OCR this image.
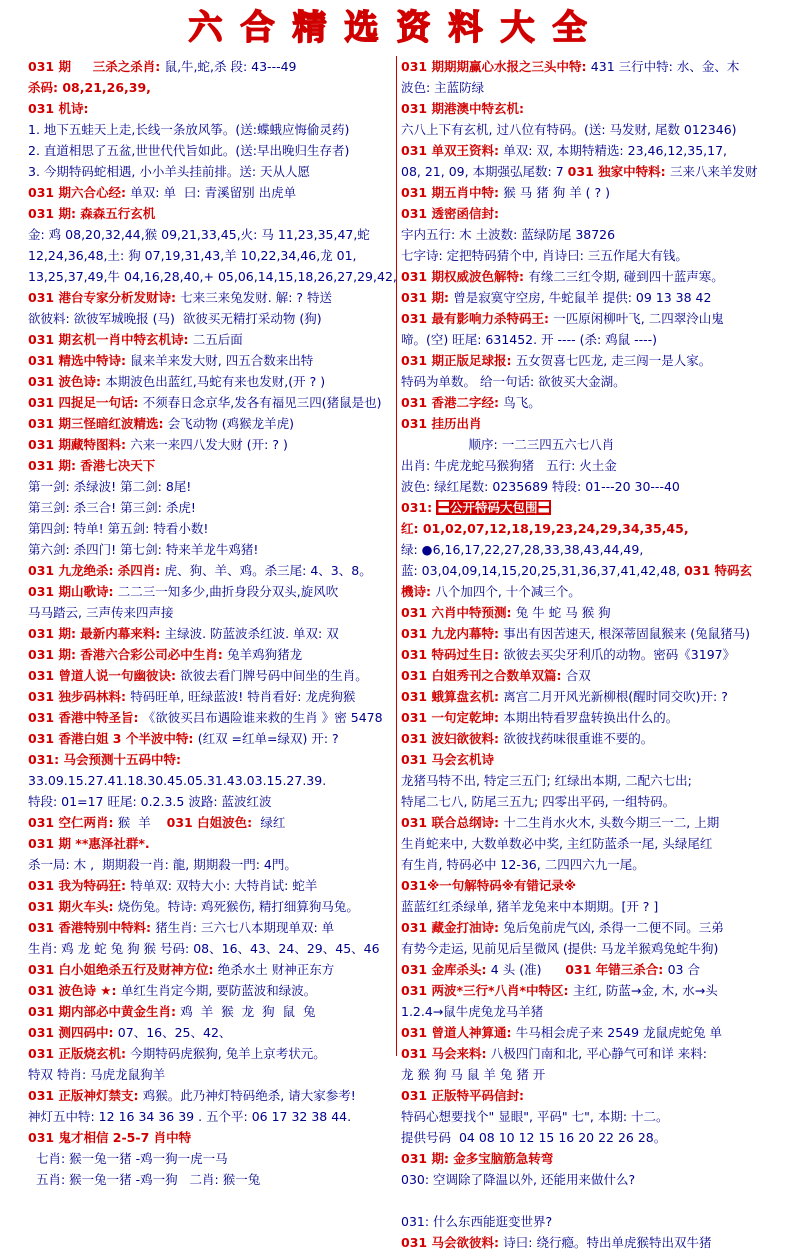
六合精选资料大全
031 期     三杀之杀肖: 鼠,牛,蛇,杀 段: 43---49
杀码: 08,21,26,39,
031 机诗:
1. 地下五蛙天上走,长线一条放风筝。(送:蝶蛾应悔偷灵药)
2. 直道相思了五盆,世世代代旨如此。(送:早出晚归生存者)
3. 今期特码蛇相遇, 小小羊头挂前排。送: 天从人愿
031 期六合心经: 单双: 单  曰: 青溪留别 出虎单
031 期: 森森五行玄机
金: 鸡 08,20,32,44,猴 09,21,33,45,火: 马 11,23,35,47,蛇
12,24,36,48,土: 狗 07,19,31,43,羊 10,22,34,46,龙 01,
13,25,37,49,牛 04,16,28,40,+ 05,06,14,15,18,26,27,29,42,
031 港台专家分析发财诗: 七来三来兔发财. 解: ? 特送
欲彼料: 欲彼军城晚报 (马)  欲彼买无精打采动物 (狗)
031 期玄机一肖中特玄机诗: 二五后面
031 精选中特诗: 鼠来羊来发大财, 四五合数来出特
031 波色诗: 本期波色出蓝红,马蛇有来也发财,(开 ? )
031 四捉足一句话: 不须春日念京华,发各有福见三四(猪鼠是也)
031 期三怪暗红波精选: 会飞动物 (鸡猴龙羊虎)
031 期藏特图料: 六来一来四八发大财 (开: ? )
031 期: 香港七决天下
第一剑: 杀绿波! 第二剑: 8尾!
第三剑: 杀三合! 第三剑: 杀虎!
第四剑: 特单! 第五剑: 特看小数!
第六剑: 杀四门! 第七剑: 特来羊龙牛鸡猪!
031 九龙绝杀: 杀四肖: 虎、狗、羊、鸡。杀三尾: 4、3、8。
031 期山歌诗: 二二三一知多少,曲折身段分双头,旋风吹
马马踏云, 三声传来四声接
031 期: 最新内幕来料: 主绿波. 防蓝波杀红波. 单双: 双
031 期: 香港六合彩公司必中生肖: 兔羊鸡狗猪龙
031 曾道人说一句幽彼诀: 欲彼去看门牌号码中间坐的生肖。
031 独步码林料: 特码旺单, 旺绿蓝波! 特肖看好: 龙虎狗猴
031 香港中特圣旨: 《欲彼买吕布遇险谁来救的生肖 》密 5478
031 香港白姐 3 个半波中特: (红双 =红单=绿双) 开: ?
031: 马会预测十五码中特:
33.09.15.27.41.18.30.45.05.31.43.03.15.27.39.
特段: 01=17 旺尾: 0.2.3.5 波路: 蓝波红波
031 空仁两肖: 猴  羊    031 白姐波色:  绿红
031 期 **惠泽社群*.
杀一局: 木 ,  期期殺一肖: 龍, 期期殺一門: 4門。
031 我为特码狂: 特单双: 双特大小: 大特肖试: 蛇羊
031 期火车头: 烧伤兔。特诗: 鸡死猴伤, 精打细算狗马兔。
031 香港特别中特料: 猪生肖: 三六七八本期现单双: 单
生肖: 鸡 龙 蛇 兔 狗 猴 号码: 08、16、43、24、29、45、46
031 白小姐绝杀五行及财神方位: 绝杀水土 财神正东方
031 波色诗 ★: 单红生肖定今期, 要防蓝波和绿波。
031 期内部必中黄金生肖: 鸡  羊  猴  龙  狗  鼠  兔
031 测四码中: 07、16、25、42、
031 正版烧玄机: 今期特码虎猴狗, 兔羊上京考状元。
特双 特肖: 马虎龙鼠狗羊
031 正版神灯禁支: 鸡猴。此乃神灯特码绝杀, 请大家参考!
神灯五中特: 12 16 34 36 39 . 五个平: 06 17 32 38 44.
031 鬼才相信 2-5-7 肖中特
七肖: 猴一兔一猪 -鸡一狗一虎一马
五肖: 猴一兔一猪 -鸡一狗   二肖: 猴一兔
031 期期期赢心水报之三头中特: 431 三行中特: 水、金、木
波色: 主蓝防绿
031 期港澳中特玄机:
六八上下有玄机, 过八位有特码。(送: 马发财, 尾数 012346)
031 单双王资料: 单双: 双, 本期特精选: 23,46,12,35,17,
08, 21, 09, 本期强弘尾数: 7 031 独家中特料: 三来八来羊发财
031 期五肖中特: 猴 马 猪 狗 羊 ( ? )
031 透密函信封:
宇内五行: 木 土波数: 蓝绿防尾 38726
七字诗: 定把特码猜个中, 肖诗曰: 三五作尾大有钱。
031 期权威波色解特: 有缘二三红令期, 碰到四十蓝声寒。
031 期: 曾是寂寞守空房, 牛蛇鼠羊 提供: 09 13 38 42
031 最有影响力杀特码王: 一匹原闲柳叶飞, 二四翠泠山鬼
啼。(空) 旺尾: 631452. 开 ---- (杀: 鸡鼠 ----)
031 期正版足球报: 五女贺喜七匹龙, 走三闯一是人家。
特码为单数。 给一句话: 欲彼买大金湖。
031 香港二字经: 鸟飞。
031 挂历出肖
顺序: 一二三四五六七八肖
出肖: 牛虎龙蛇马猴狗猪   五行: 火土金
波色: 绿红尾数: 0235689 特段: 01---20 30---40
031: 〓公开特码大包围〓
红: 01,02,07,12,18,19,23,24,29,34,35,45,
绿: ●6,16,17,22,27,28,33,38,43,44,49,
蓝: 03,04,09,14,15,20,25,31,36,37,41,42,48, 031 特码玄
機诗: 八个加四个, 十个减三个。
031 六肖中特预测: 兔 牛 蛇 马 猴 狗
031 九龙内幕特: 事出有因苦速天, 根深蒂固鼠猴来 (兔鼠猪马)
031 特码过生日: 欲彼去买尖牙利爪的动物。密码《3197》
031 白姐秀刊之合数单双篇: 合双
031 蛾算盘玄机: 离宫二月开风光新柳根(醒时同交吹)开: ?
031 一句定乾坤: 本期出特看罗盘转换出什么的。
031 波妇欲彼料: 欲彼找药味很重谁不要的。
031 马会玄机诗
龙猪马特不出, 特定三五门; 红绿出本期, 二配六七出;
特尾二七八, 防尾三五九; 四零出平码, 一组特码。
031 联合总纲诗: 十二生肖水火木, 头数今期三一二, 上期
生肖蛇来中, 大数单数必中奖, 主红防蓝杀一尾, 头绿尾红
有生肖, 特码必中 12-36, 二四四六九一尾。
031※一句解特码※有错记录※
蓝蓝红红杀绿单, 猪羊龙兔来中本期期。[开 ? ]
031 藏金打油诗: 兔后兔前虎气凶, 杀得一二便不同。三弟
有势今走运, 见前见后呈微风 (提供: 马龙羊猴鸡兔蛇牛狗)
031 金库杀头: 4 头 (准)      031 年错三杀合: 03 合
031 两波*三行*八肖*中特区: 主红, 防蓝→金, 木, 水→头
1.2.4→鼠牛虎兔龙马羊猪
031 曾道人神算通: 牛马相会虎子来 2549 龙鼠虎蛇兔 单
031 马会来料: 八极四门南和北, 平心静气可和详 来料:
龙 猴 狗 马 鼠 羊 兔 猪 开
031 正版特平码信封:
特码心想要找个" 显眼", 平码" 七", 本期: 十二。
提供号码  04 08 10 12 15 16 20 22 26 28。
031 期: 金多宝脑筋急转弯
030: 空调除了降温以外, 还能用来做什么?

031: 什么东西能逛变世界?
031 马会欲彼料: 诗曰: 绕行瘾。特出单虎猴特出双牛猪
